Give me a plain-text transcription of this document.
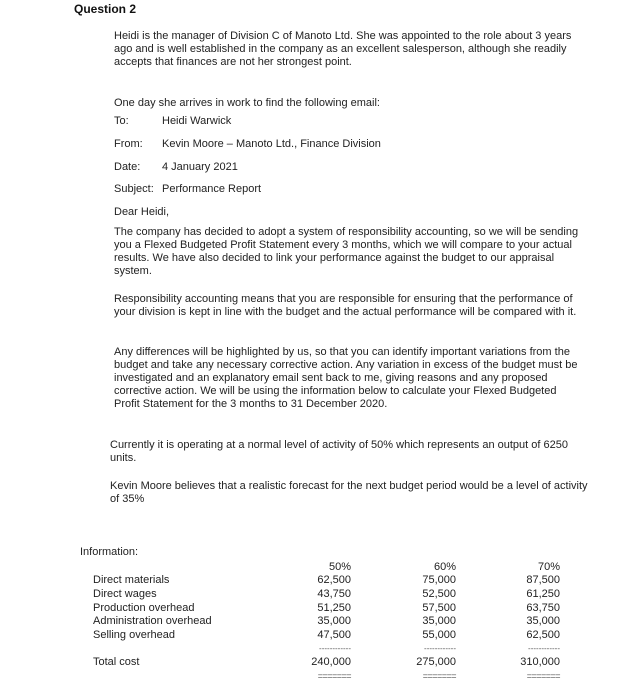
Question 2
Heidi is the manager of Division C of Manoto Ltd. She was appointed to the role about 3 years ago and is well established in the company as an excellent salesperson, although she readily accepts that finances are not her strongest point.
One day she arrives in work to find the following email:
To:	Heidi Warwick
From: Kevin Moore – Manoto Ltd., Finance Division
Date: 4 January 2021
Subject: Performance Report
Dear Heidi,
The company has decided to adopt a system of responsibility accounting, so we will be sending you a Flexed Budgeted Profit Statement every 3 months, which we will compare to your actual results. We have also decided to link your performance against the budget to our appraisal system.
Responsibility accounting means that you are responsible for ensuring that the performance of your division is kept in line with the budget and the actual performance will be compared with it.
Any differences will be highlighted by us, so that you can identify important variations from the budget and take any necessary corrective action. Any variation in excess of the budget must be investigated and an explanatory email sent back to me, giving reasons and any proposed corrective action. We will be using the information below to calculate your Flexed Budgeted Profit Statement for the 3 months to 31 December 2020.
Currently it is operating at a normal level of activity of 50% which represents an output of 6250 units.
Kevin Moore believes that a realistic forecast for the next budget period would be a level of activity of 35%
Information:
50%	60%	70%
Direct materials	62,500	75,000	87,500
Direct wages	43,750	52,500	61,250
Production overhead	51,250	57,500	63,750
Administration overhead	35,000	35,000	35,000
Selling overhead	47,500	55,000	62,500
------------	------------	------------
Total cost	240,000	275,000	310,000
=======	=======	=======
